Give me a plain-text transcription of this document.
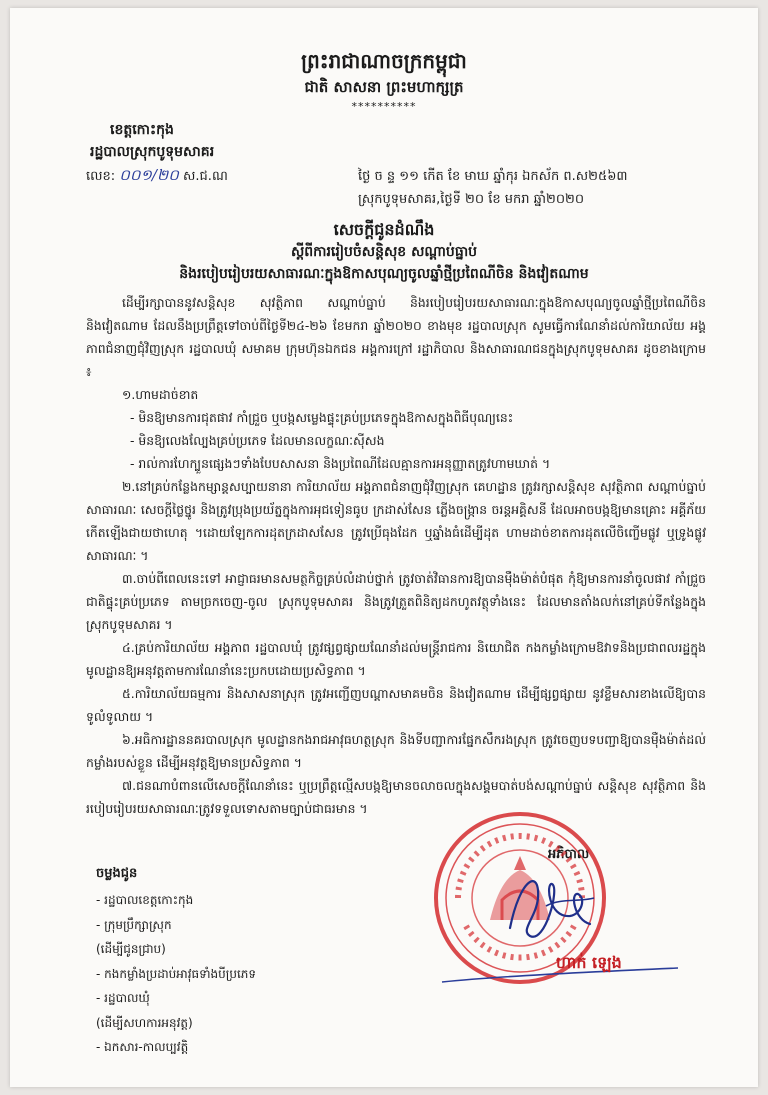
ព្រះរាជាណាចក្រកម្ពុជា
ជាតិ សាសនា ព្រះមហាក្សត្រ
**********
ខេត្តកោះកុង
រដ្ឋបាលស្រុកបូទុមសាគរ
លេខ: ០០១/២០ ស.ជ.ណ	ថ្ងៃ ច ន្ទ ១១ កើត ខែ មាឃ ឆ្នាំកុរ ឯកស័ក ព.ស២៥៦៣
ស្រុកបូទុមសាគរ,ថ្ងៃទី ២០ ខែ មករា ឆ្នាំ២០២០
សេចក្ដីជូនដំណឹង
ស្ដីពីការរៀបចំសន្តិសុខ សណ្ដាប់ធ្នាប់
និងរបៀបរៀបរយសាធារណៈក្នុងឱកាសបុណ្យចូលឆ្នាំថ្មីប្រពៃណីចិន និងវៀតណាម

ដើម្បីរក្សាបាននូវសន្តិសុខ សុវត្ថិភាព សណ្ដាប់ធ្នាប់ និងរបៀបរៀបរយសាធារណៈក្នុងឱកាសបុណ្យចូលឆ្នាំថ្មីប្រពៃណីចិន និងវៀតណាម ដែលនឹងប្រព្រឹត្តទៅចាប់ពីថ្ងៃទី២៤-២៦ ខែមករា ឆ្នាំ២០២០ ខាងមុខ រដ្ឋបាលស្រុក សូមធ្វើការណែនាំដល់ការិយាល័យ អង្គភាពជំនាញជុំវិញស្រុក រដ្ឋបាលឃុំ សមាគម ក្រុមហ៊ុនឯកជន អង្គការក្រៅ រដ្ឋាភិបាល និងសាធារណជនក្នុងស្រុកបូទុមសាគរ ដូចខាងក្រោម ៖

១.ហាមដាច់ខាត

- មិនឱ្យមានការជុតផាវ កាំជ្រួច ឬបង្កសម្លេងផ្ទុះគ្រប់ប្រភេទក្នុងឱកាសក្នុងពិធីបុណ្យនេះ

- មិនឱ្យលេងល្បែងគ្រប់ប្រភេទ ដែលមានលក្ខណៈស៊ីសង

- រាល់ការហែក្បួនផ្សេងៗទាំងបែបសាសនា និងប្រពៃណីដែលគ្មានការអនុញ្ញាតត្រូវហាមឃាត់ ។

២.នៅគ្រប់កន្លែងកម្សាន្តសប្បាយនានា ការិយាល័យ អង្គភាពជំនាញជុំវិញស្រុក គេហដ្ឋាន ត្រូវរក្សាសន្តិសុខ សុវត្ថិភាព សណ្ដាប់ធ្នាប់សាធារណៈ សេចក្ដីថ្លៃថ្នូរ និងត្រូវប្រុងប្រយ័ត្នក្នុងការអុជទៀនធូប ក្រដាស់សែន ភ្លើងចង្រ្កាន ចរន្តអគ្គិសនី ដែលអាចបង្កឱ្យមានគ្រោះ អគ្គីភ័យកើតឡើងជាយថាហេតុ ។ដោយឡែកការដុតក្រដាសសែន ត្រូវប្រើធុងដែក ឬឆ្នាំងធំដើម្បីដុត ហាមដាច់ខាតការដុតលើចិញ្ចើមផ្លូវ ឬទ្រូងផ្លូវសាធារណៈ ។

៣.ចាប់ពីពេលនេះទៅ អាជ្ញាធរមានសមត្ថកិច្ចគ្រប់លំដាប់ថ្នាក់ ត្រូវចាត់វិធានការឱ្យបានម៉ឺងម៉ាត់បំផុត កុំឱ្យមានការនាំចូលផាវ កាំជ្រួច ជាតិផ្ទុះគ្រប់ប្រភេទ តាមច្រកចេញ-ចូល ស្រុកបូទុមសាគរ និងត្រូវត្រួតពិនិត្យដកហូតវត្ថុទាំងនេះ ដែលមានតាំងលក់នៅគ្រប់ទីកន្លែងក្នុងស្រុកបូទុមសាគរ ។

៤.គ្រប់ការិយាល័យ អង្គភាព រដ្ឋបាលឃុំ ត្រូវផ្សព្វផ្សាយណែនាំដល់មន្ត្រីរាជការ និយោជិត កងកម្លាំងក្រោមឱវាទនិងប្រជាពលរដ្ឋក្នុងមូលដ្ឋានឱ្យអនុវត្តតាមការណែនាំនេះប្រកបដោយប្រសិទ្ធភាព ។

៥.ការិយាល័យធម្មការ និងសាសនាស្រុក ត្រូវអញ្ជើញបណ្ដាសមាគមចិន និងវៀតណាម ដើម្បីផ្សព្វផ្សាយ នូវខ្លឹមសារខាងលើឱ្យបានទូលំទូលាយ ។

៦.អធិការដ្ឋាននគរបាលស្រុក មូលដ្ឋានកងរាជអាវុធហត្ថស្រុក និងទីបញ្ជាការផ្នែកសឹករងស្រុក ត្រូវចេញបទបញ្ជាឱ្យបានម៉ឺងម៉ាត់ដល់កម្លាំងរបស់ខ្លួន ដើម្បីអនុវត្តឱ្យមានប្រសិទ្ធភាព ។

៧.ជនណាបំពានលើសេចក្ដីណែនាំនេះ ឬប្រព្រឹត្តល្មើសបង្កឱ្យមានចលាចលក្នុងសង្គមបាត់បង់សណ្ដាប់ធ្នាប់ សន្តិសុខ សុវត្ថិភាព និងរបៀបរៀបរយសាធារណៈត្រូវទទួលទោសតាមច្បាប់ជាធរមាន ។

អភិបាល
ហាក់ ឡេង
ចម្លងជូន
- រដ្ឋបាលខេត្តកោះកុង
- ក្រុមប្រឹក្សាស្រុក
(ដើម្បីជូនជ្រាប)
- កងកម្លាំងប្រដាប់អាវុធទាំងបីប្រភេទ
- រដ្ឋបាលឃុំ
(ដើម្បីសហការអនុវត្ត)
- ឯកសារ-កាលប្បវត្តិ
